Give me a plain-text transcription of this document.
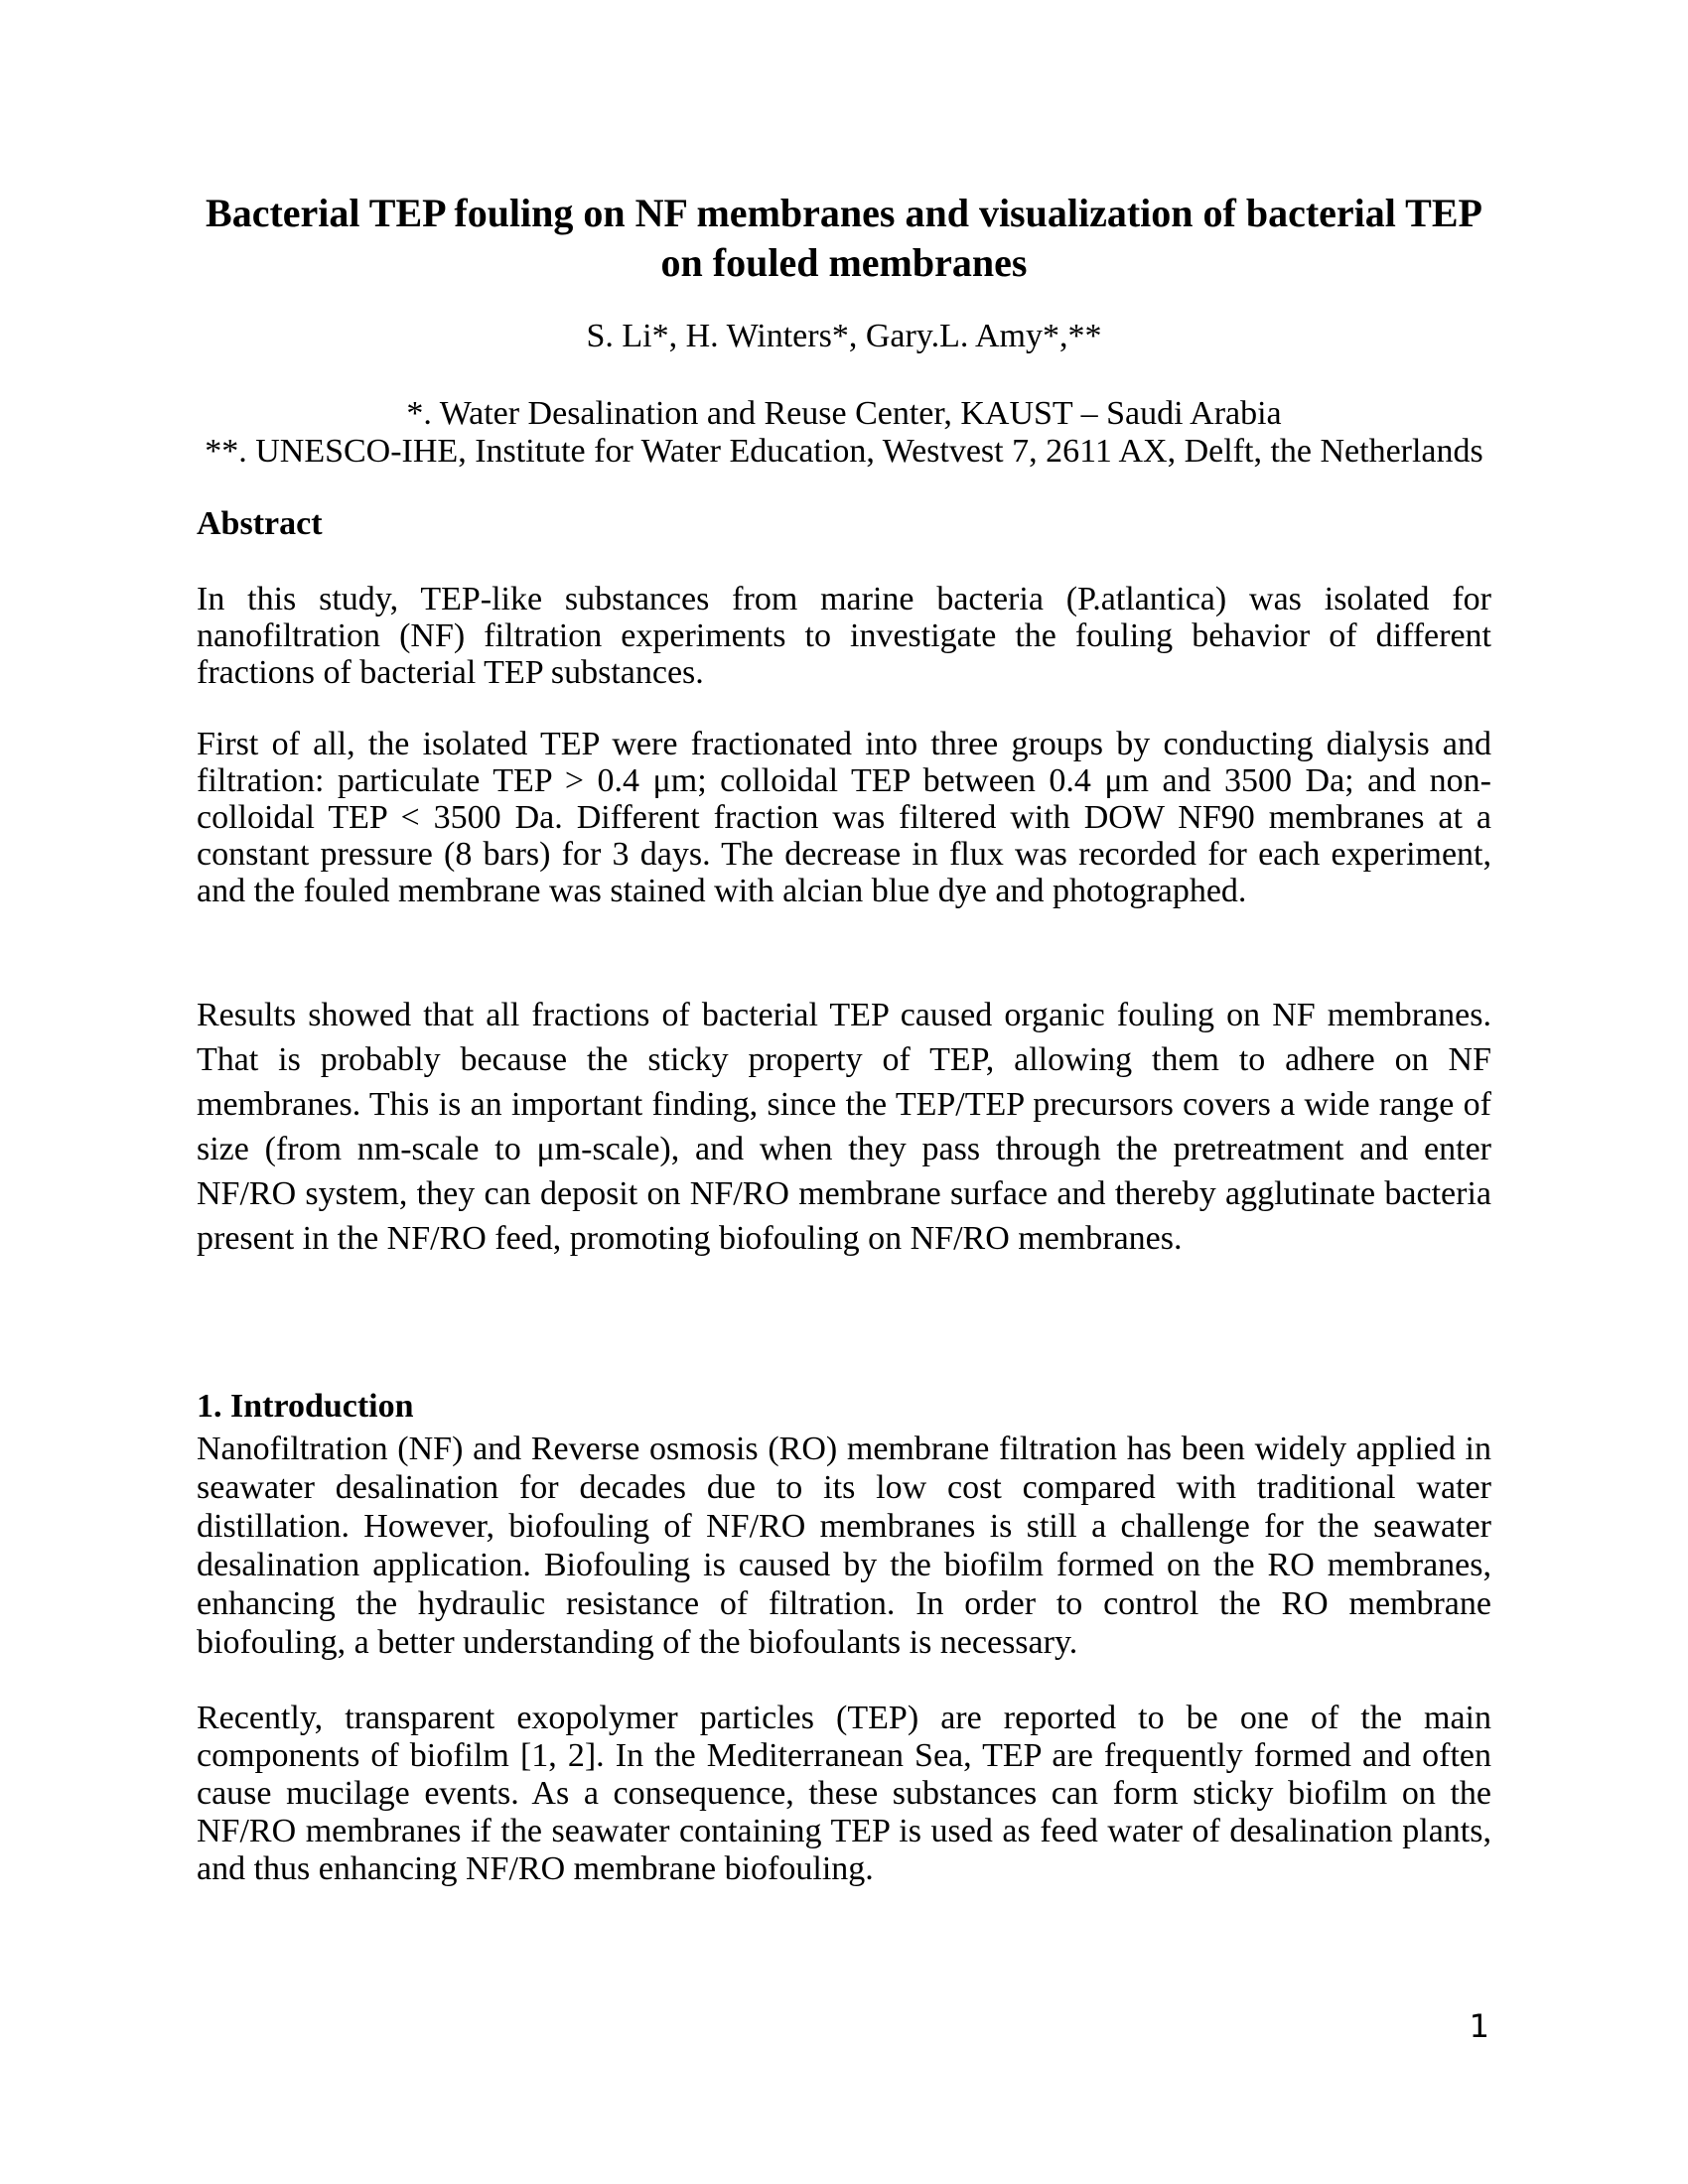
Bacterial TEP fouling on NF membranes and visualization of bacterial TEP on fouled membranes
S. Li*, H. Winters*, Gary.L. Amy*,**
*. Water Desalination and Reuse Center, KAUST – Saudi Arabia
**. UNESCO-IHE, Institute for Water Education, Westvest 7, 2611 AX, Delft, the Netherlands
Abstract

In this study, TEP-like substances from marine bacteria (P.atlantica) was isolated for nanofiltration (NF) filtration experiments to investigate the fouling behavior of different fractions of bacterial TEP substances.

First of all, the isolated TEP were fractionated into three groups by conducting dialysis and filtration: particulate TEP > 0.4 μm; colloidal TEP between 0.4 μm and 3500 Da; and non-colloidal TEP < 3500 Da. Different fraction was filtered with DOW NF90 membranes at a constant pressure (8 bars) for 3 days. The decrease in flux was recorded for each experiment, and the fouled membrane was stained with alcian blue dye and photographed.

Results showed that all fractions of bacterial TEP caused organic fouling on NF membranes. That is probably because the sticky property of TEP, allowing them to adhere on NF membranes. This is an important finding, since the TEP/TEP precursors covers a wide range of size (from nm-scale to μm-scale), and when they pass through the pretreatment and enter NF/RO system, they can deposit on NF/RO membrane surface and thereby agglutinate bacteria present in the NF/RO feed, promoting biofouling on NF/RO membranes.

1. Introduction

Nanofiltration (NF) and Reverse osmosis (RO) membrane filtration has been widely applied in seawater desalination for decades due to its low cost compared with traditional water distillation. However, biofouling of NF/RO membranes is still a challenge for the seawater desalination application. Biofouling is caused by the biofilm formed on the RO membranes, enhancing the hydraulic resistance of filtration. In order to control the RO membrane biofouling, a better understanding of the biofoulants is necessary.

Recently, transparent exopolymer particles (TEP) are reported to be one of the main components of biofilm [1, 2]. In the Mediterranean Sea, TEP are frequently formed and often cause mucilage events. As a consequence, these substances can form sticky biofilm on the NF/RO membranes if the seawater containing TEP is used as feed water of desalination plants, and thus enhancing NF/RO membrane biofouling.

1
